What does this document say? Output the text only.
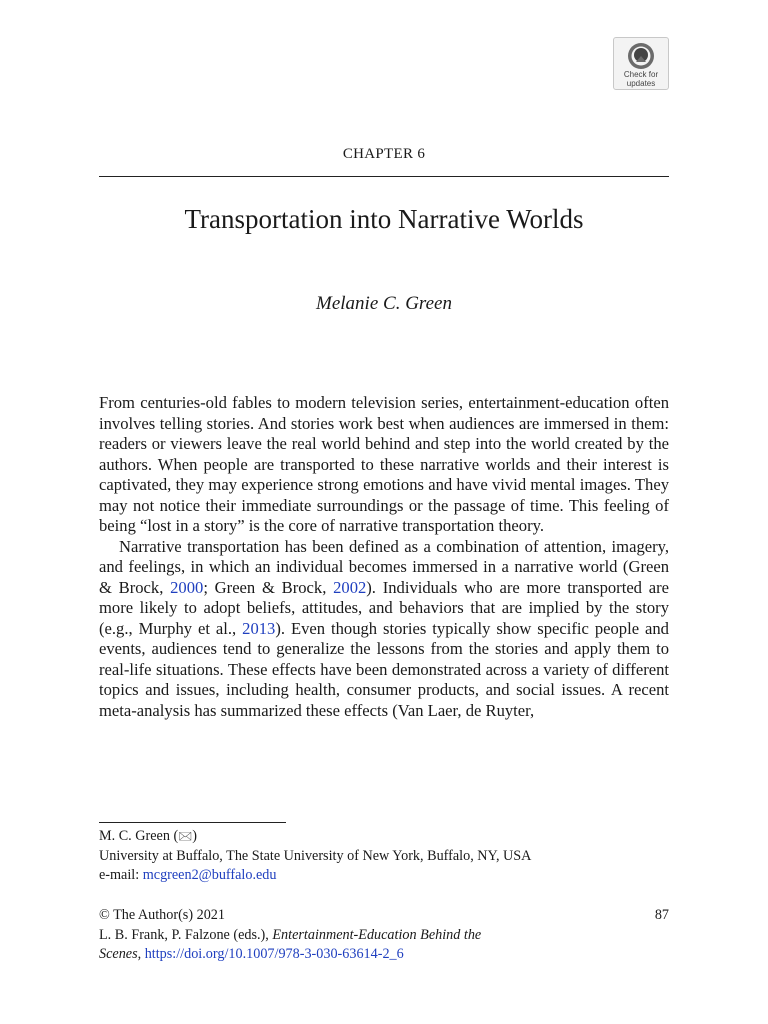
Check for
updates
CHAPTER 6
Transportation into Narrative Worlds
Melanie C. Green

From centuries-old fables to modern television series, entertainment-education often involves telling stories. And stories work best when audiences are immersed in them: readers or viewers leave the real world behind and step into the world created by the authors. When people are transported to these narrative worlds and their interest is captivated, they may experience strong emotions and have vivid mental images. They may not notice their immediate surroundings or the passage of time. This feeling of being “lost in a story” is the core of narrative transportation theory.

Narrative transportation has been defined as a combination of attention, imagery, and feelings, in which an individual becomes immersed in a narrative world (Green & Brock, 2000; Green & Brock, 2002). Individuals who are more transported are more likely to adopt beliefs, attitudes, and behaviors that are implied by the story (e.g., Murphy et al., 2013). Even though stories typically show specific people and events, audiences tend to generalize the lessons from the stories and apply them to real-life situations. These effects have been demonstrated across a variety of different topics and issues, including health, consumer products, and social issues. A recent meta-analysis has summarized these effects (Van Laer, de Ruyter,

M. C. Green (🖂)
University at Buffalo, The State University of New York, Buffalo, NY, USA
e-mail: mcgreen2@buffalo.edu
© The Author(s) 2021	87
L. B. Frank, P. Falzone (eds.), Entertainment-Education Behind the
Scenes, https://doi.org/10.1007/978-3-030-63614-2_6
